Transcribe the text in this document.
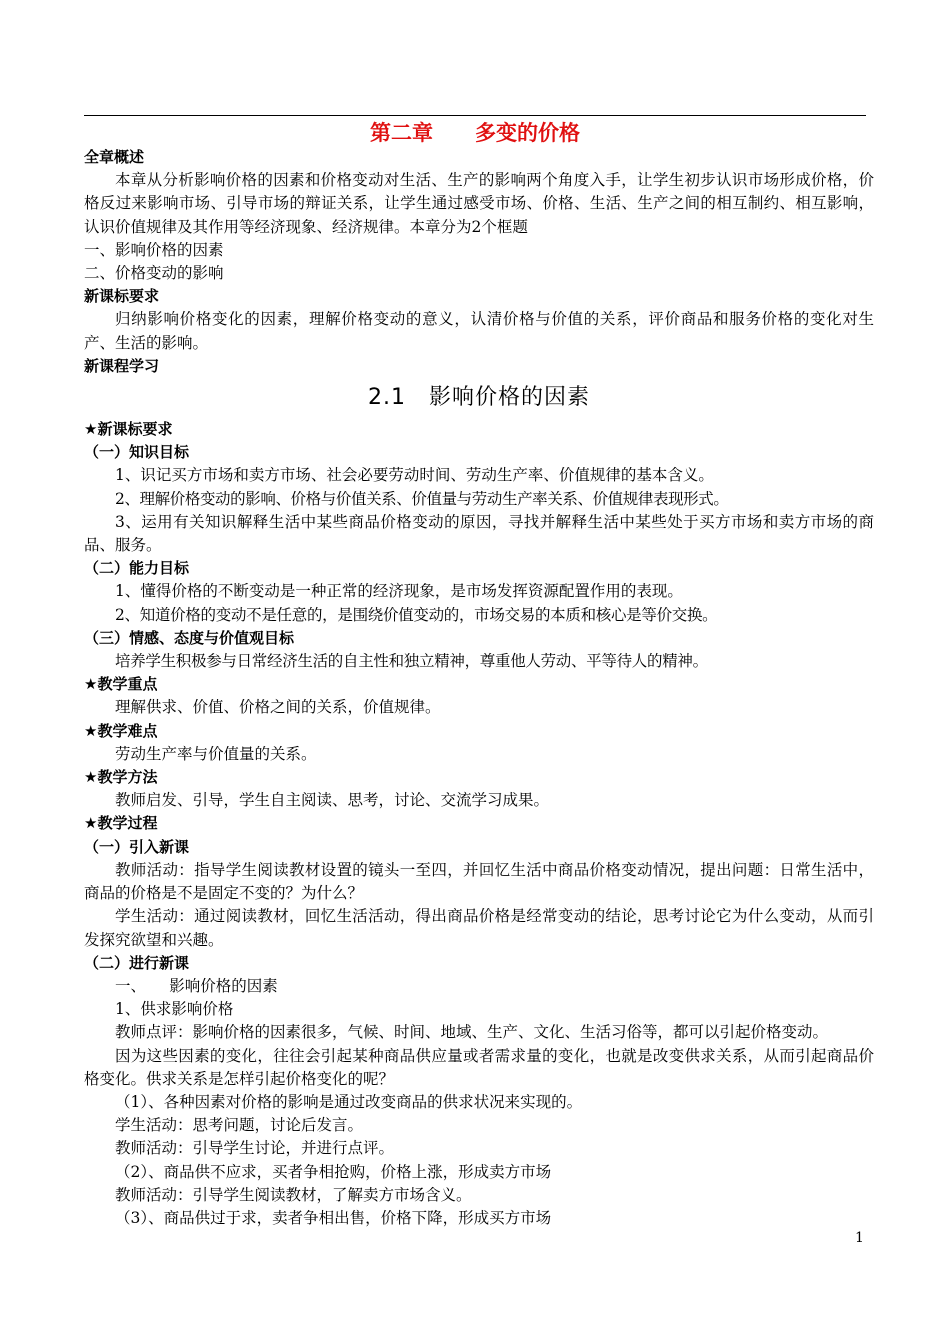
第二章　　多变的价格
全章概述
本章从分析影响价格的因素和价格变动对生活、生产的影响两个角度入手，让学生初步认识市场形成价格，价格反过来影响市场、引导市场的辩证关系，让学生通过感受市场、价格、生活、生产之间的相互制约、相互影响，认识价值规律及其作用等经济现象、经济规律。本章分为2个框题
一、影响价格的因素
二、价格变动的影响
新课标要求
归纳影响价格变化的因素，理解价格变动的意义，认清价格与价值的关系，评价商品和服务价格的变化对生产、生活的影响。
新课程学习
2.1　影响价格的因素
★新课标要求
（一）知识目标
1、识记买方市场和卖方市场、社会必要劳动时间、劳动生产率、价值规律的基本含义。
2、理解价格变动的影响、价格与价值关系、价值量与劳动生产率关系、价值规律表现形式。
3、运用有关知识解释生活中某些商品价格变动的原因，寻找并解释生活中某些处于买方市场和卖方市场的商品、服务。
（二）能力目标
1、懂得价格的不断变动是一种正常的经济现象，是市场发挥资源配置作用的表现。
2、知道价格的变动不是任意的，是围绕价值变动的，市场交易的本质和核心是等价交换。
（三）情感、态度与价值观目标
培养学生积极参与日常经济生活的自主性和独立精神，尊重他人劳动、平等待人的精神。
★教学重点
理解供求、价值、价格之间的关系，价值规律。
★教学难点
劳动生产率与价值量的关系。
★教学方法
教师启发、引导，学生自主阅读、思考，讨论、交流学习成果。
★教学过程
（一）引入新课
教师活动：指导学生阅读教材设置的镜头一至四，并回忆生活中商品价格变动情况，提出问题：日常生活中，商品的价格是不是固定不变的？为什么？
学生活动：通过阅读教材，回忆生活活动，得出商品价格是经常变动的结论，思考讨论它为什么变动，从而引发探究欲望和兴趣。
（二）进行新课
一、　　影响价格的因素
1、供求影响价格
教师点评：影响价格的因素很多，气候、时间、地域、生产、文化、生活习俗等，都可以引起价格变动。
因为这些因素的变化，往往会引起某种商品供应量或者需求量的变化，也就是改变供求关系，从而引起商品价格变化。供求关系是怎样引起价格变化的呢？
（1）、各种因素对价格的影响是通过改变商品的供求状况来实现的。
学生活动：思考问题，讨论后发言。
教师活动：引导学生讨论，并进行点评。
（2）、商品供不应求，买者争相抢购，价格上涨，形成卖方市场
教师活动：引导学生阅读教材，了解卖方市场含义。
（3）、商品供过于求，卖者争相出售，价格下降，形成买方市场
1
